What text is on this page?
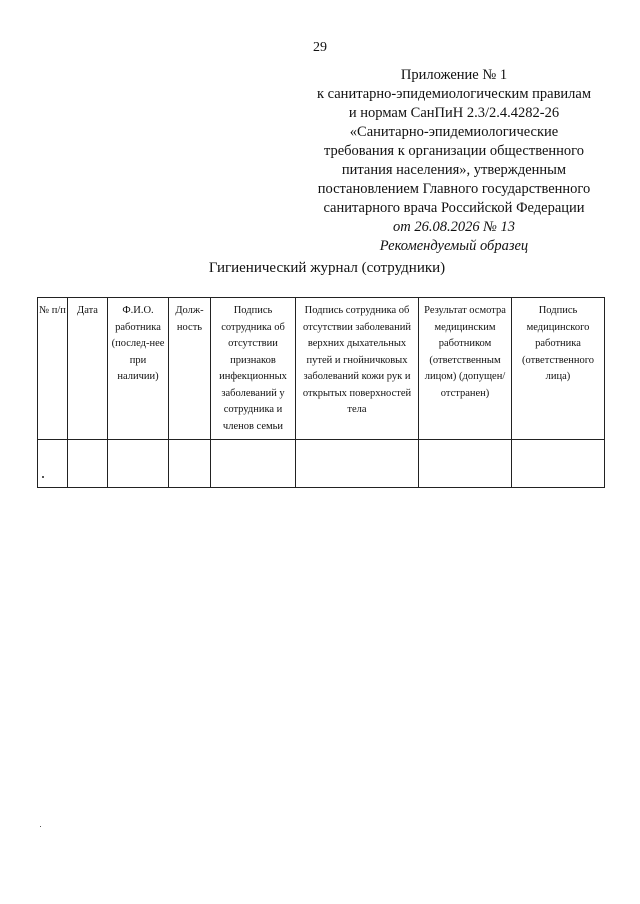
29
Приложение № 1
к санитарно-эпидемиологическим правилам
и нормам СанПиН 2.3/2.4.4282-26
«Санитарно-эпидемиологические
требования к организации общественного
питания населения», утвержденным
постановлением Главного государственного
санитарного врача Российской Федерации
от 26.08.2026 № 13
Рекомендуемый образец
Гигиенический журнал (сотрудники)
№ п/п	Дата	Ф.И.О. работника (послед-нее при наличии)	Долж-ность	Подпись сотрудника об отсутствии признаков инфекционных заболеваний у сотрудника и членов семьи	Подпись сотрудника об отсутствии заболеваний верхних дыхательных путей и гнойничковых заболеваний кожи рук и открытых поверхностей тела	Результат осмотра медицинским работником (ответственным лицом) (допущен/ отстранен)	Подпись медицинского работника (ответственного лица)
